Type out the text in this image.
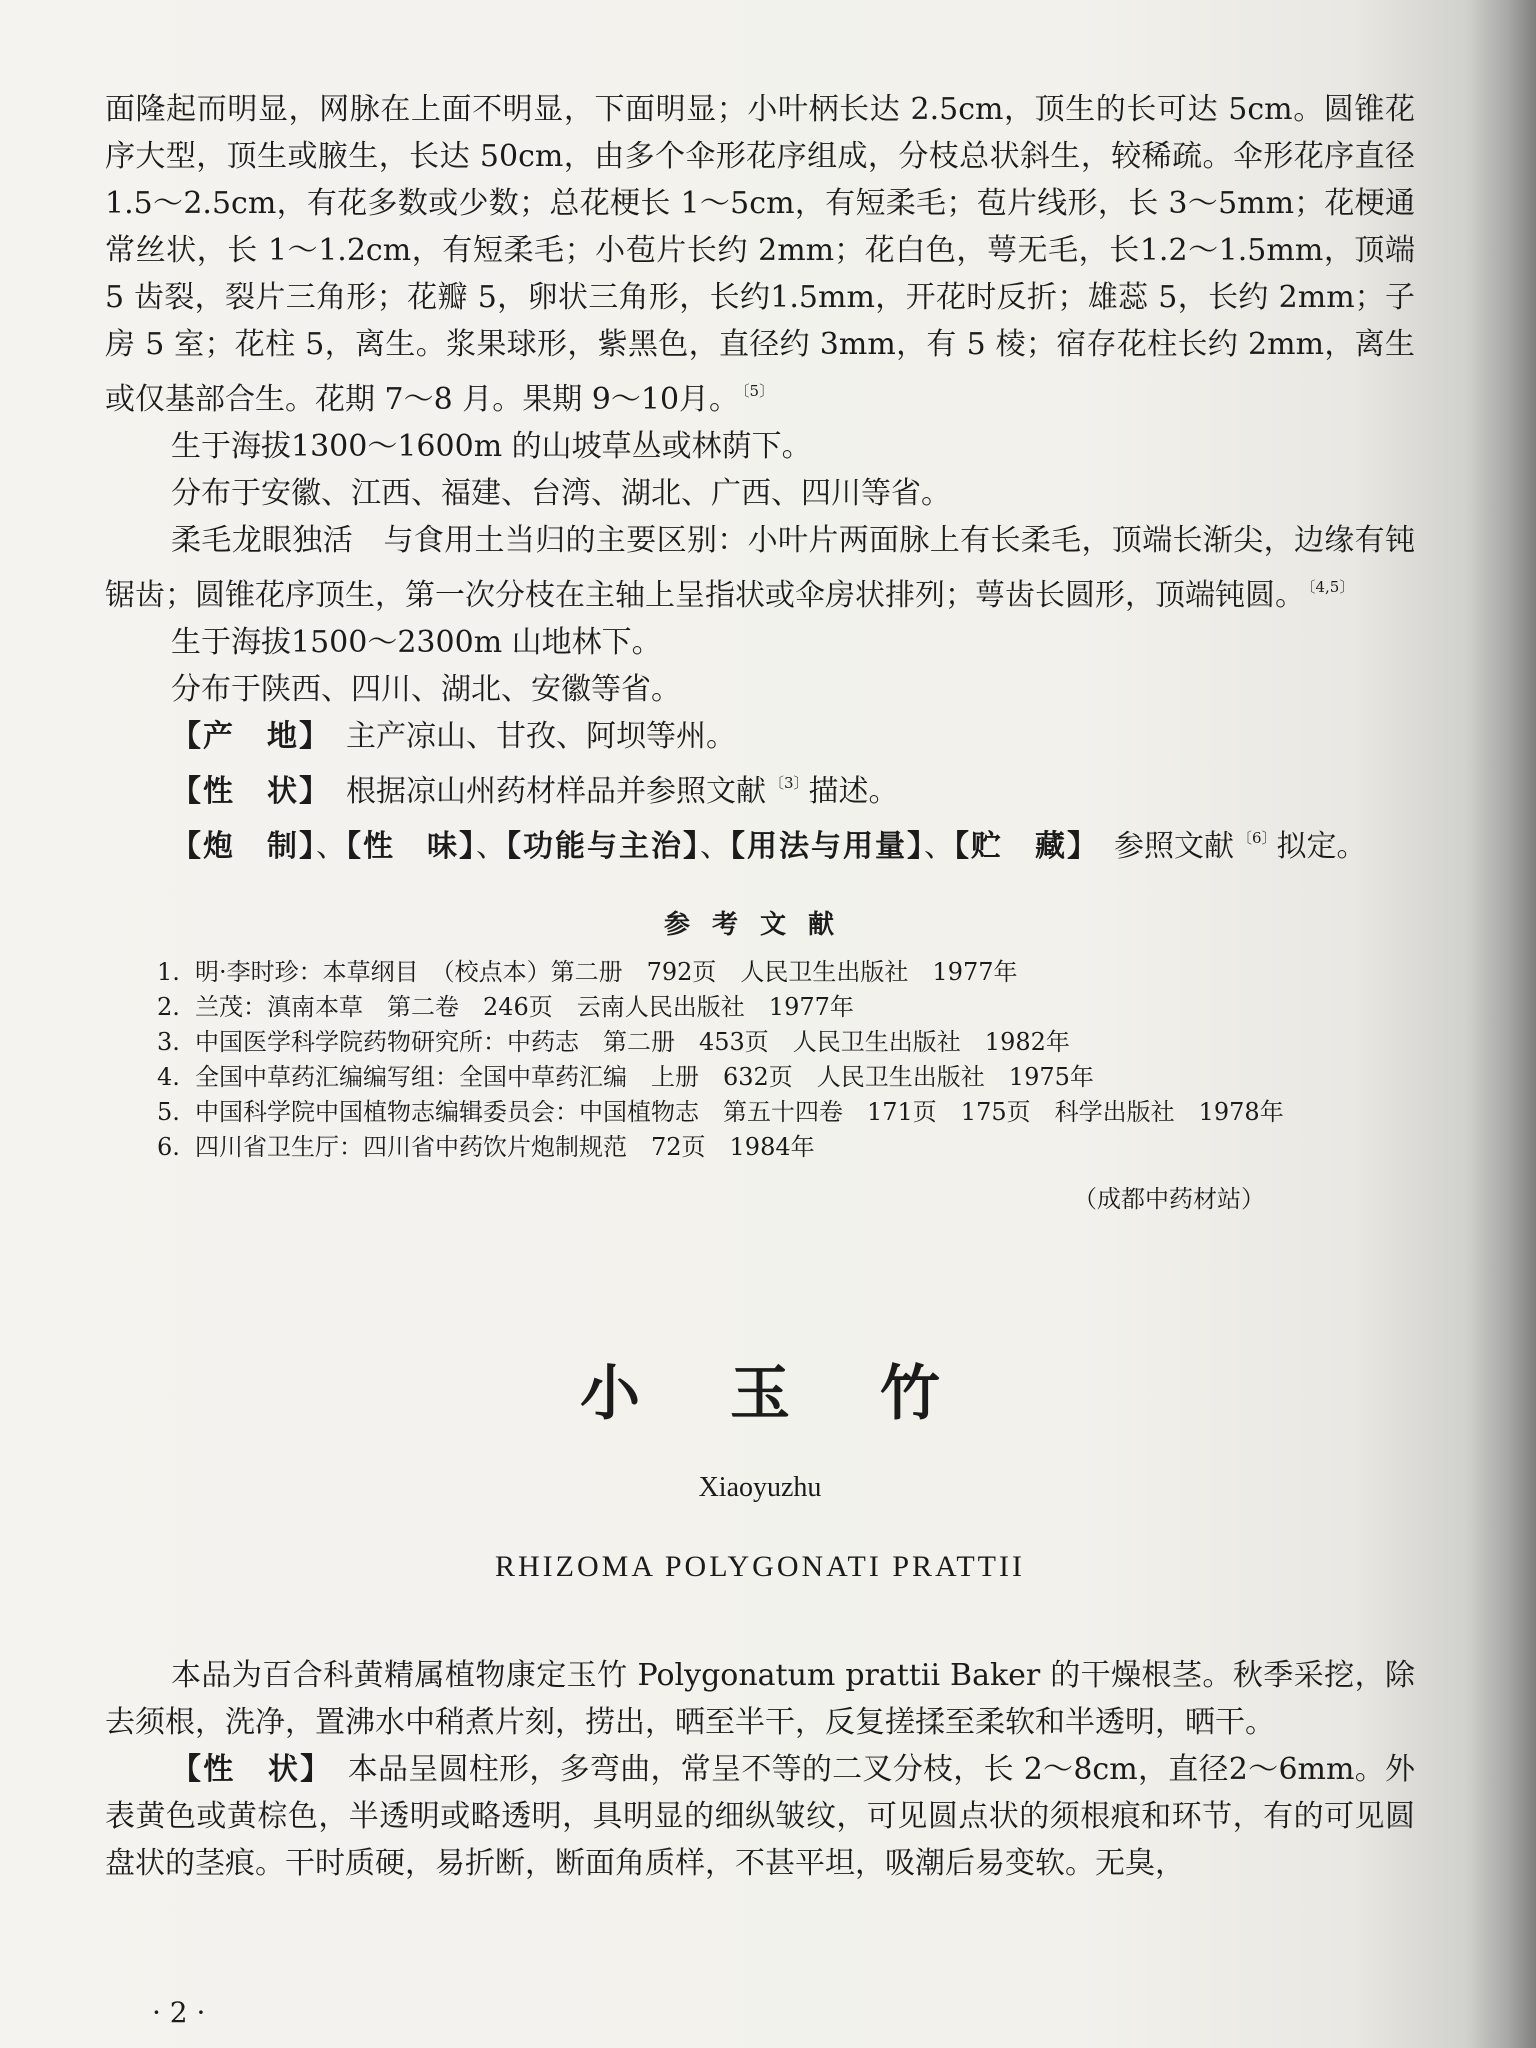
面隆起而明显，网脉在上面不明显，下面明显；小叶柄长达 2.5cm，顶生的长可达 5cm。圆锥花序大型，顶生或腋生，长达 50cm，由多个伞形花序组成，分枝总状斜生，较稀疏。伞形花序直径1.5～2.5cm，有花多数或少数；总花梗长 1～5cm，有短柔毛；苞片线形，长 3～5mm；花梗通常丝状，长 1～1.2cm，有短柔毛；小苞片长约 2mm；花白色，萼无毛，长1.2～1.5mm，顶端 5 齿裂，裂片三角形；花瓣 5，卵状三角形，长约1.5mm，开花时反折；雄蕊 5，长约 2mm；子房 5 室；花柱 5，离生。浆果球形，紫黑色，直径约 3mm，有 5 棱；宿存花柱长约 2mm，离生或仅基部合生。花期 7～8 月。果期 9～10月。 $^{〔5〕}$

生于海拔1300～1600m 的山坡草丛或林荫下。

分布于安徽、江西、福建、台湾、湖北、广西、四川等省。

柔毛龙眼独活　与食用土当归的主要区别：小叶片两面脉上有长柔毛，顶端长渐尖，边缘有钝锯齿；圆锥花序顶生，第一次分枝在主轴上呈指状或伞房状排列；萼齿长圆形，顶端钝圆。 $^{〔4,5〕}$

生于海拔1500～2300m 山地林下。

分布于陕西、四川、湖北、安徽等省。

【产　地】　 主产凉山、甘孜、阿坝等州。

【性　状】　 根据凉山州药材样品并参照文献 $^{〔3〕}$描述。

【炮　制】、【性　味】、【功能与主治】、【用法与用量】、【贮　藏】　 参照文献 $^{〔6〕}$拟定。

参考文献
1. 明·李时珍：本草纲目　（校点本）第二册　792页　人民卫生出版社　1977年
2. 兰茂：滇南本草　第二卷　246页　云南人民出版社　1977年
3. 中国医学科学院药物研究所：中药志　第二册　453页　人民卫生出版社　1982年
4. 全国中草药汇编编写组：全国中草药汇编　上册　632页　人民卫生出版社　1975年
5. 中国科学院中国植物志编辑委员会：中国植物志　第五十四卷　171页　175页　科学出版社　1978年
6. 四川省卫生厅：四川省中药饮片炮制规范　72页　1984年
（成都中药材站）
小玉竹
Xiaoyuzhu
RHIZOMA POLYGONATI PRATTII

本品为百合科黄精属植物康定玉竹 Polygonatum prattii Baker 的干燥根茎。秋季采挖，除去须根，洗净，置沸水中稍煮片刻，捞出，晒至半干，反复搓揉至柔软和半透明，晒干。

【性　状】　 本品呈圆柱形，多弯曲，常呈不等的二叉分枝，长 2～8cm，直径2～6mm。外表黄色或黄棕色，半透明或略透明，具明显的细纵皱纹，可见圆点状的须根痕和环节，有的可见圆盘状的茎痕。干时质硬，易折断，断面角质样，不甚平坦，吸潮后易变软。无臭，

· 2 ·
